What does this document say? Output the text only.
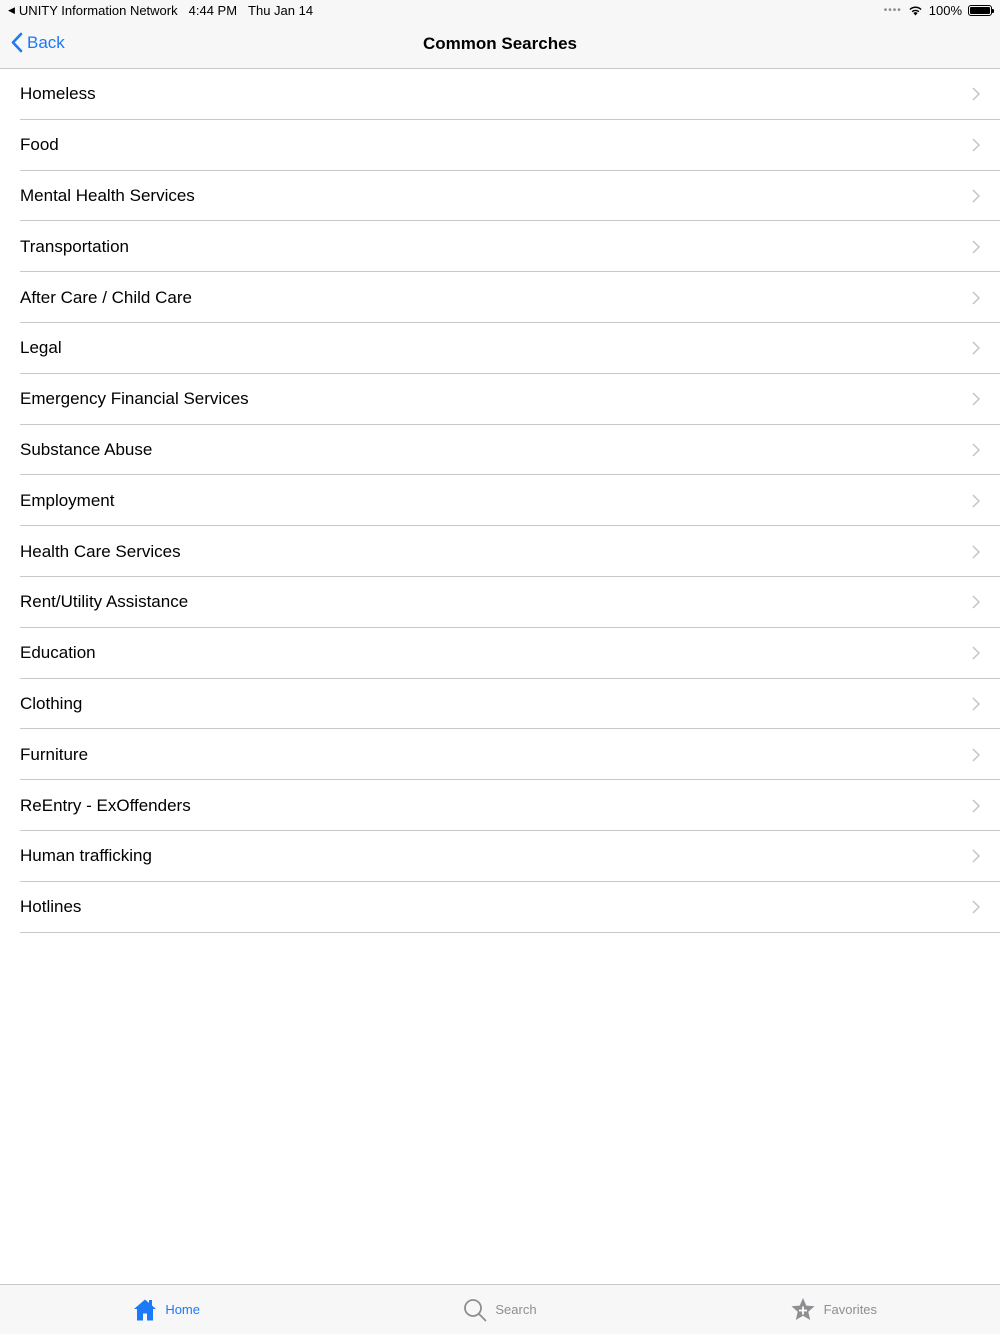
◀ UNITY Information Network 4:44 PM Thu Jan 14	•••• 100%
Back	Common Searches
Homeless
Food
Mental Health Services
Transportation
After Care / Child Care
Legal
Emergency Financial Services
Substance Abuse
Employment
Health Care Services
Rent/Utility Assistance
Education
Clothing
Furniture
ReEntry - ExOffenders
Human trafficking
Hotlines
Home	Search	Favorites
